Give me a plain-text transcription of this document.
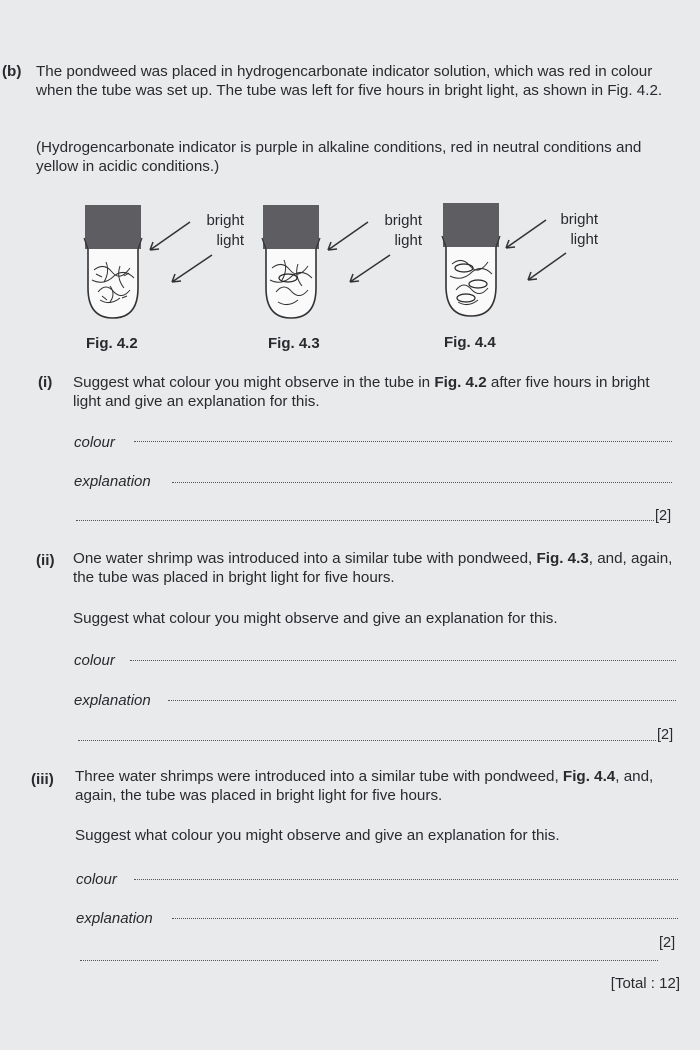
(b) The pondweed was placed in hydrogencarbonate indicator solution, which was red in colour when the tube was set up. The tube was left for five hours in bright light, as shown in Fig. 4.2.

(Hydrogencarbonate indicator is purple in alkaline conditions, red in neutral conditions and yellow in acidic conditions.)

bright
light
Fig. 4.2
bright
light
Fig. 4.3
bright
light
Fig. 4.4
(i) Suggest what colour you might observe in the tube in Fig. 4.2 after five hours in bright light and give an explanation for this.

colour
explanation
[2]
(ii) One water shrimp was introduced into a similar tube with pondweed, Fig. 4.3, and, again, the tube was placed in bright light for five hours.

Suggest what colour you might observe and give an explanation for this.

colour
explanation
[2]
(iii) Three water shrimps were introduced into a similar tube with pondweed, Fig. 4.4, and, again, the tube was placed in bright light for five hours.

Suggest what colour you might observe and give an explanation for this.

colour
explanation
[2]
[Total : 12]
